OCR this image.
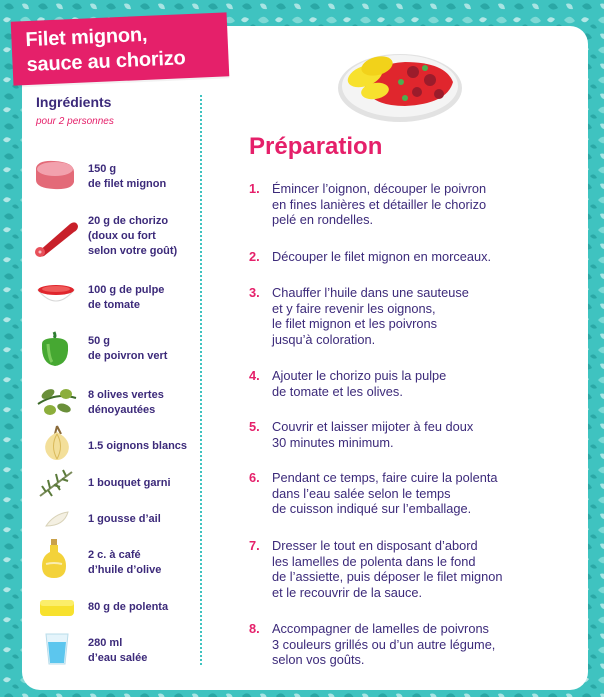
Filet mignon,
sauce au chorizo
Ingrédients
pour 2 personnes
150 g
de filet mignon
20 g de chorizo
(doux ou fort
selon votre goût)
100 g de pulpe
de tomate
50 g
de poivron vert
8 olives vertes
dénoyautées
1.5 oignons blancs
1 bouquet garni
1 gousse d’ail
2 c. à café
d’huile d’olive
80 g de polenta
280 ml
d’eau salée
Préparation
1. Émincer l’oignon, découper le poivron
en fines lanières et détailler le chorizo
pelé en rondelles.
2. Découper le filet mignon en morceaux.
3. Chauffer l’huile dans une sauteuse
et y faire revenir les oignons,
le filet mignon et les poivrons
jusqu’à coloration.
4. Ajouter le chorizo puis la pulpe
de tomate et les olives.
5. Couvrir et laisser mijoter à feu doux
30 minutes minimum.
6. Pendant ce temps, faire cuire la polenta
dans l’eau salée selon le temps
de cuisson indiqué sur l’emballage.
7. Dresser le tout en disposant d’abord
les lamelles de polenta dans le fond
de l’assiette, puis déposer le filet mignon
et le recouvrir de la sauce.
8. Accompagner de lamelles de poivrons
3 couleurs grillés ou d’un autre légume,
selon vos goûts.
